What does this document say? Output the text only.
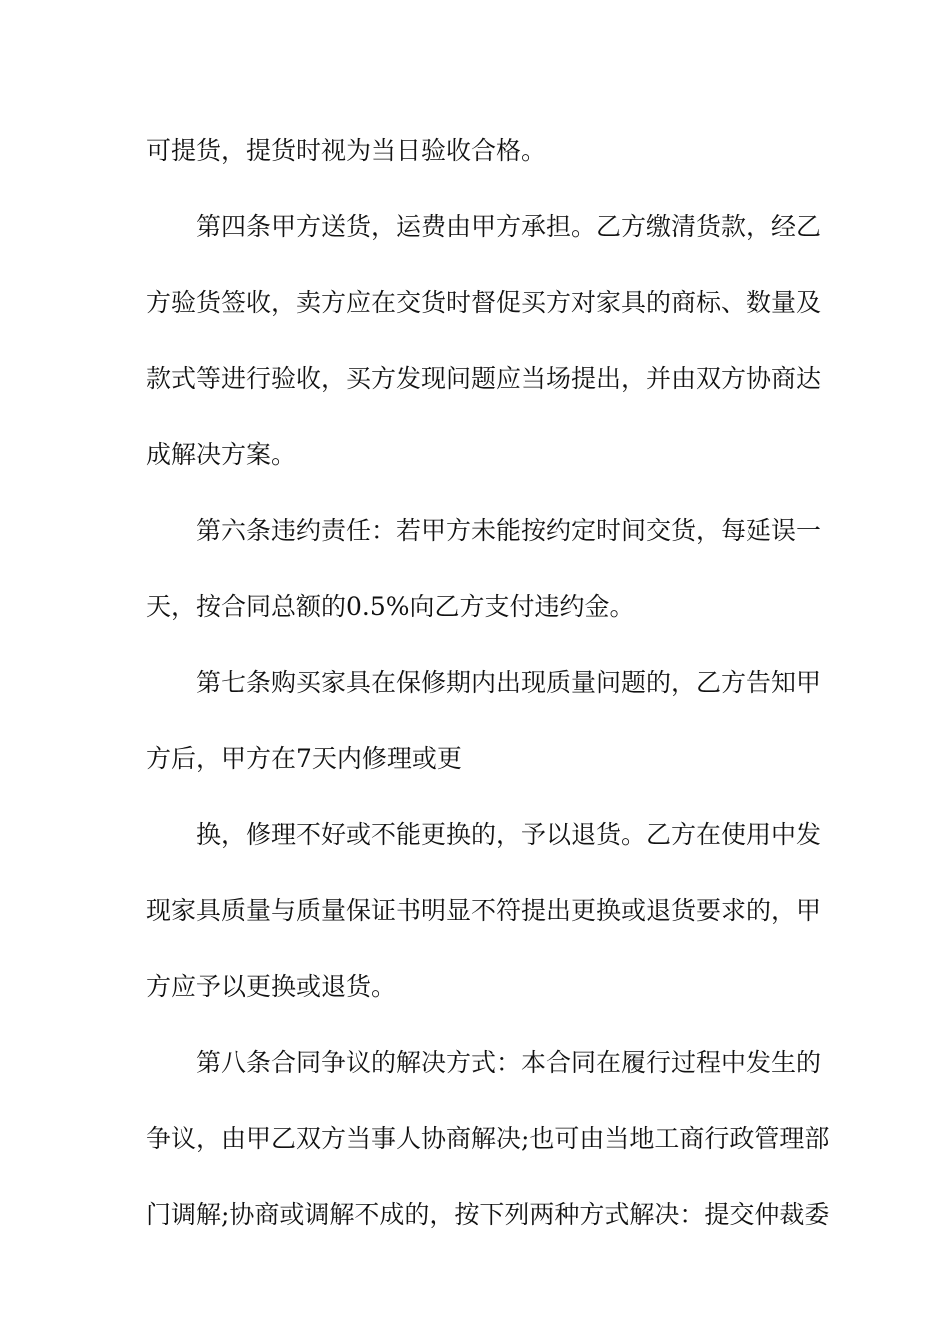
可提货，提货时视为当日验收合格。
第四条甲方送货，运费由甲方承担。乙方缴清货款，经乙
方验货签收，卖方应在交货时督促买方对家具的商标、数量及
款式等进行验收，买方发现问题应当场提出，并由双方协商达
成解决方案。
第六条违约责任：若甲方未能按约定时间交货，每延误一
天，按合同总额的0.5%向乙方支付违约金。
第七条购买家具在保修期内出现质量问题的，乙方告知甲
方后，甲方在7天内修理或更
换，修理不好或不能更换的，予以退货。乙方在使用中发
现家具质量与质量保证书明显不符提出更换或退货要求的，甲
方应予以更换或退货。
第八条合同争议的解决方式：本合同在履行过程中发生的
争议，由甲乙双方当事人协商解决;也可由当地工商行政管理部
门调解;协商或调解不成的，按下列两种方式解决：提交仲裁委
